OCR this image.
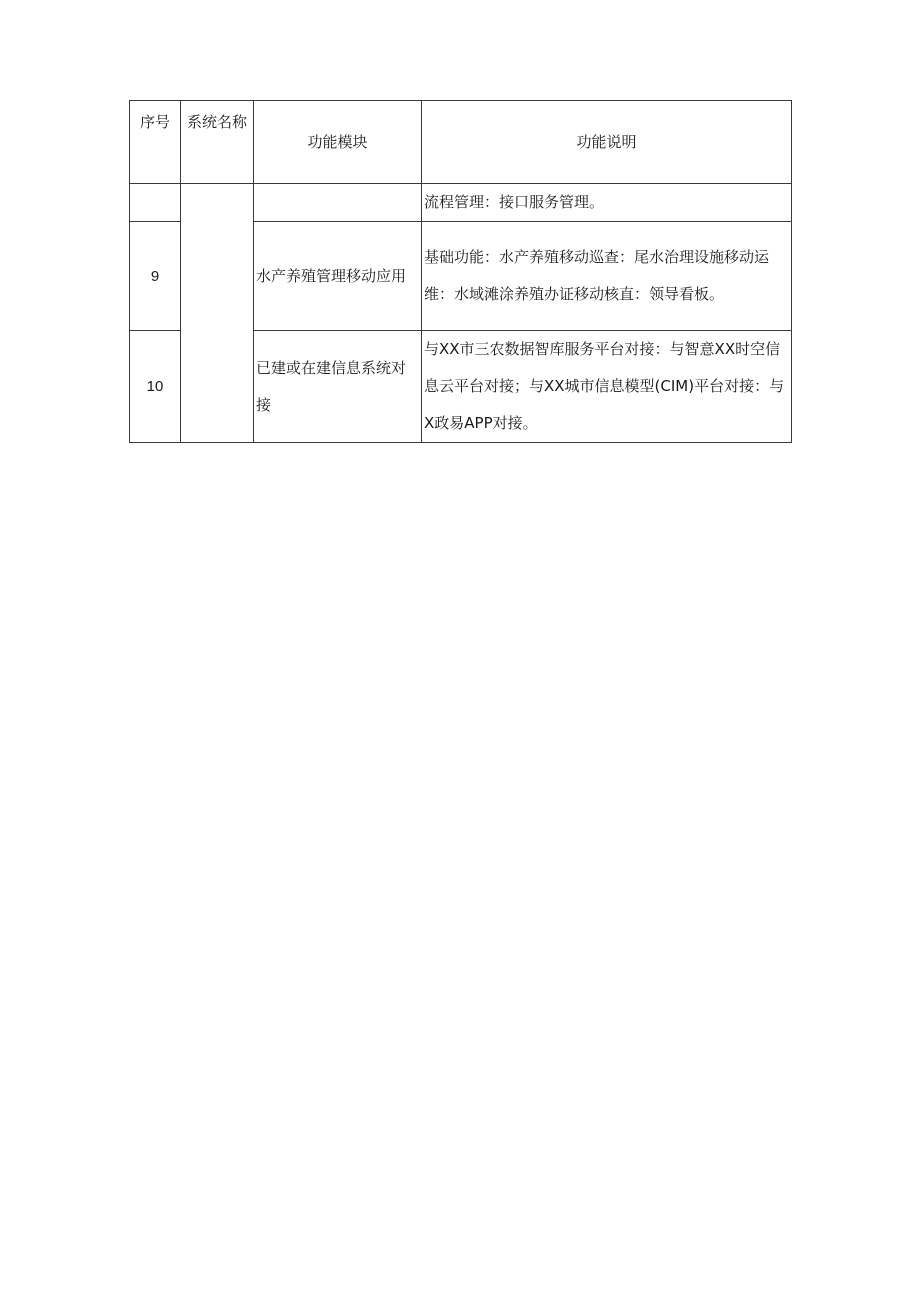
序号	系统名称	功能模块	功能说明
			流程管理：接口服务管理。
9		水产养殖管理移动应用	基础功能：水产养殖移动巡查：尾水治理设施移动运维：水域滩涂养殖办证移动核直：领导看板。
10		已建或在建信息系统对接	与XX市三农数据智库服务平台对接：与智意XX时空信息云平台对接；与XX城市信息模型(CIM)平台对接：与X政易APP对接。
